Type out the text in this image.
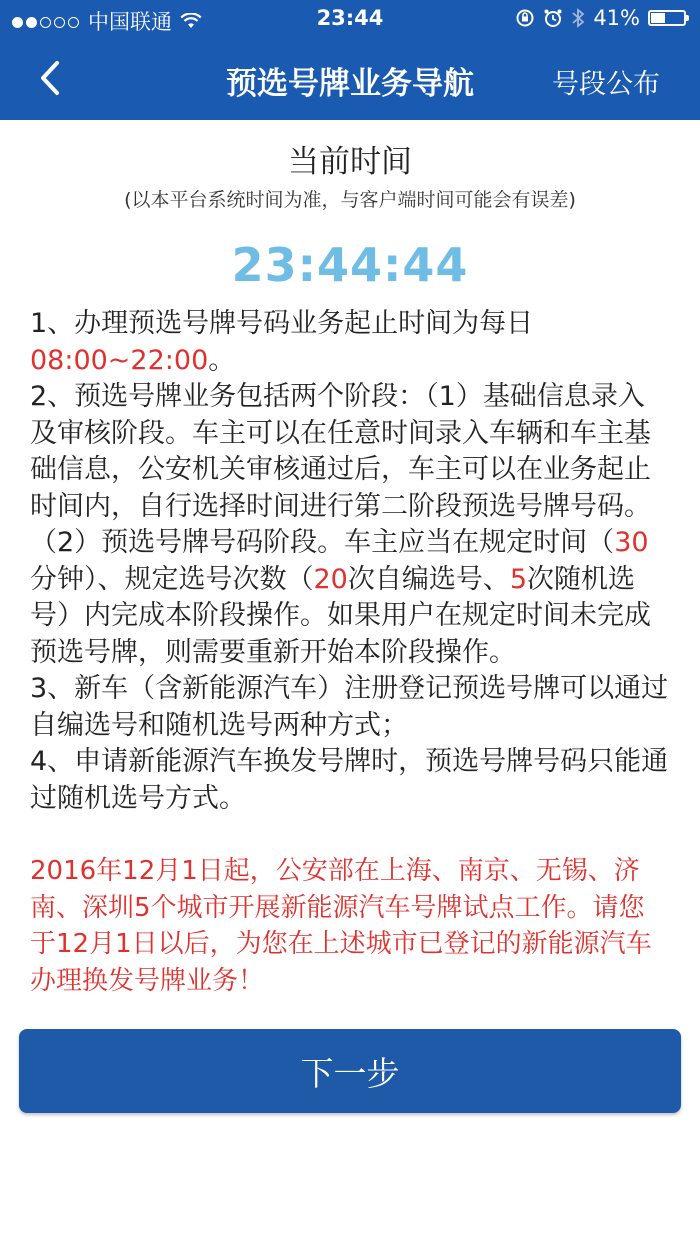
中国联通	23:44	41%
预选号牌业务导航	号段公布
当前时间
(以本平台系统时间为准，与客户端时间可能会有误差)
23:44:44
1、办理预选号牌号码业务起止时间为每日08:00~22:00。
2、预选号牌业务包括两个阶段：（1）基础信息录入及审核阶段。车主可以在任意时间录入车辆和车主基础信息，公安机关审核通过后，车主可以在业务起止时间内，自行选择时间进行第二阶段预选号牌号码。（2）预选号牌号码阶段。车主应当在规定时间（30分钟）、规定选号次数（20次自编选号、5次随机选号）内完成本阶段操作。如果用户在规定时间未完成预选号牌，则需要重新开始本阶段操作。
3、新车（含新能源汽车）注册登记预选号牌可以通过自编选号和随机选号两种方式；
4、申请新能源汽车换发号牌时，预选号牌号码只能通过随机选号方式。
2016年12月1日起，公安部在上海、南京、无锡、济南、深圳5个城市开展新能源汽车号牌试点工作。请您于12月1日以后，为您在上述城市已登记的新能源汽车办理换发号牌业务！
下一步
